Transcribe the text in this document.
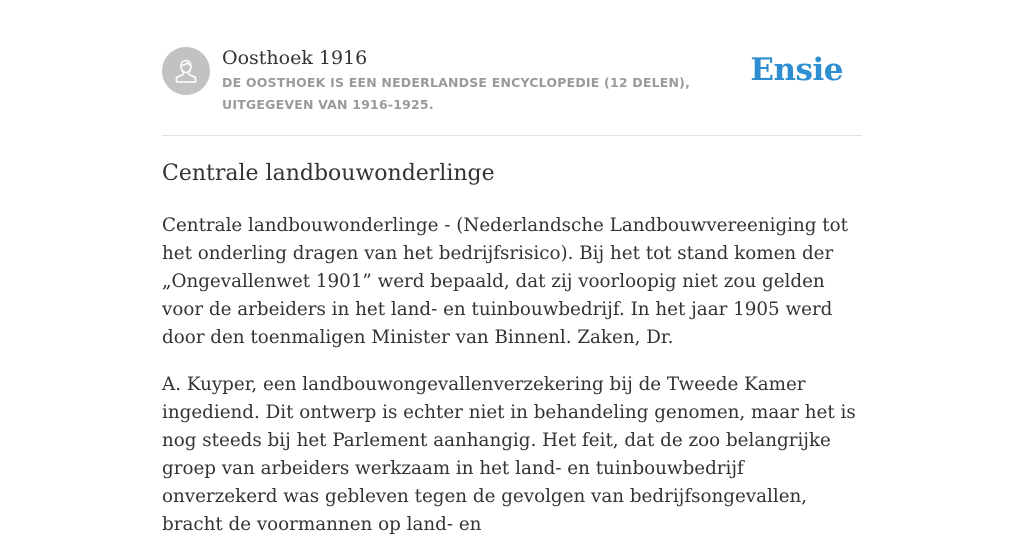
Oosthoek 1916
DE OOSTHOEK IS EEN NEDERLANDSE ENCYCLOPEDIE (12 DELEN), UITGEGEVEN VAN 1916-1925.
Ensie
Centrale landbouwonderlinge

Centrale landbouwonderlinge - (Nederlandsche Landbouwvereeniging tot het onderling dragen van het bedrijfsrisico). Bij het tot stand komen der „Ongevallenwet 1901” werd bepaald, dat zij voorloopig niet zou gelden voor de arbeiders in het land- en tuinbouwbedrijf. In het jaar 1905 werd door den toenmaligen Minister van Binnenl. Zaken, Dr.

A. Kuyper, een landbouwongevallenverzekering bij de Tweede Kamer ingediend. Dit ontwerp is echter niet in behandeling genomen, maar het is nog steeds bij het Parlement aanhangig. Het feit, dat de zoo belangrijke groep van arbeiders werkzaam in het land- en tuinbouwbedrijf onverzekerd was gebleven tegen de gevolgen van bedrijfsongevallen, bracht de voormannen op land- en
